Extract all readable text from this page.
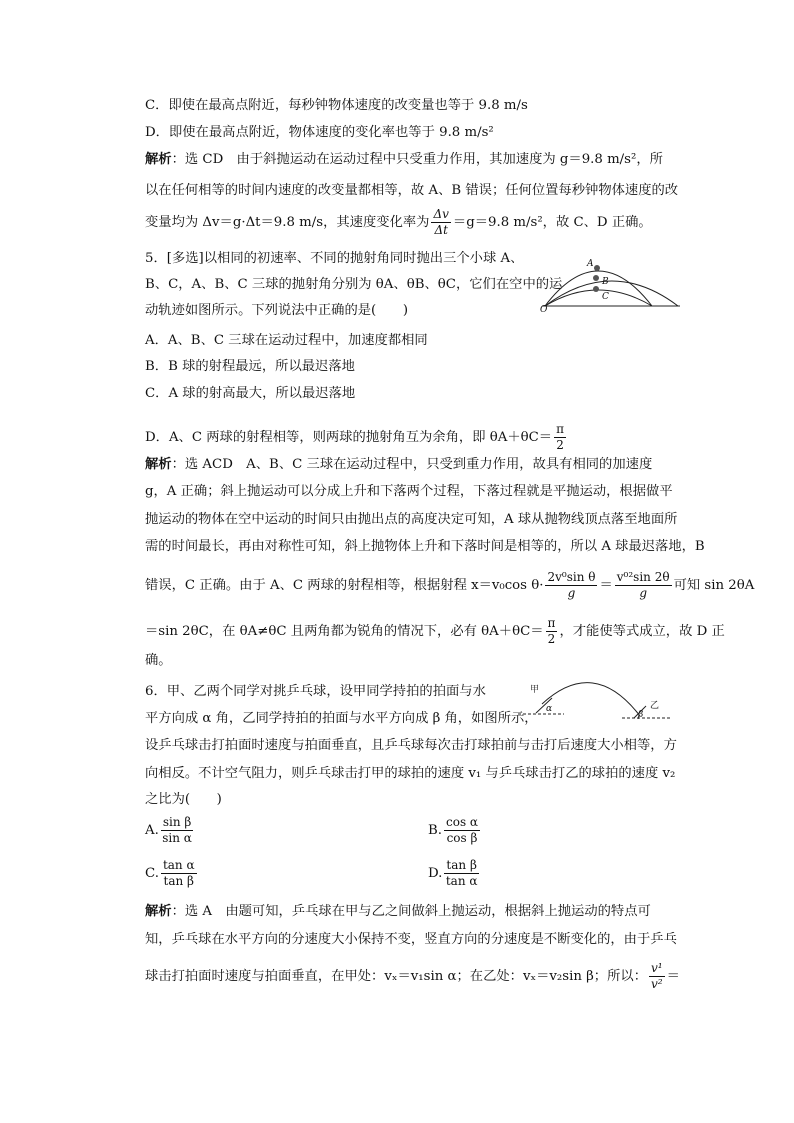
C．即使在最高点附近，每秒钟物体速度的改变量也等于 9.8 m/s
D．即使在最高点附近，物体速度的变化率也等于 9.8 m/s²
解析：选 CD　由于斜抛运动在运动过程中只受重力作用，其加速度为 g＝9.8 m/s²，所
以在任何相等的时间内速度的改变量都相等，故 A、B 错误；任何位置每秒钟物体速度的改
变量均为 Δv＝g·Δt＝9.8 m/s，其速度变化率为 $\frac{\Delta v}{\Delta t} =g=9.8$ m/s²，故 C、D 正确。
5．[多选]以相同的初速率、不同的抛射角同时抛出三个小球 A、
B、C，A、B、C 三球的抛射角分别为 θA、θB、θC，它们在空中的运
动轨迹如图所示。下列说法中正确的是(　　)
A
B
C
O
A．A、B、C 三球在运动过程中，加速度都相同
B．B 球的射程最远，所以最迟落地
C．A 球的射高最大，所以最迟落地
D．A、C 两球的射程相等，则两球的抛射角互为余角，即 $\theta A+\theta C= \frac{\pi}{2}$
解析：选 ACD　A、B、C 三球在运动过程中，只受到重力作用，故具有相同的加速度
g，A 正确；斜上抛运动可以分成上升和下落两个过程，下落过程就是平抛运动，根据做平
抛运动的物体在空中运动的时间只由抛出点的高度决定可知，A 球从抛物线顶点落至地面所
需的时间最长，再由对称性可知，斜上抛物体上升和下落时间是相等的，所以 A 球最迟落地，B
错误，C 正确。由于 A、C 两球的射程相等，根据射程 x＝v₀cos $\theta\cdot \frac{\text{2v⁰sin θ}}{g} = \frac{\text{v⁰²sin 2θ}}{g}$ 可知 sin 2θA
＝sin 2θC，在 θA≠θC 且两角都为锐角的情况下，必有 $\theta A+\theta C= \frac{\pi}{2}$ ，才能使等式成立，故 D 正
确。
6．甲、乙两个同学对挑乒乓球，设甲同学持拍的拍面与水
平方向成 α 角，乙同学持拍的拍面与水平方向成 β 角，如图所示，
甲
α
β
乙
设乒乓球击打拍面时速度与拍面垂直，且乒乓球每次击打球拍前与击打后速度大小相等，方
向相反。不计空气阻力，则乒乓球击打甲的球拍的速度 v₁ 与乒乓球击打乙的球拍的速度 v₂
之比为(　　)
A. $\frac{\text{sin β}}{\text{sin α}}$	B. $\frac{\text{cos α}}{\text{cos β}}$
C. $\frac{\text{tan α}}{\text{tan β}}$	D. $\frac{\text{tan β}}{\text{tan α}}$
解析：选 A　由题可知，乒乓球在甲与乙之间做斜上抛运动，根据斜上抛运动的特点可
知，乒乓球在水平方向的分速度大小保持不变，竖直方向的分速度是不断变化的，由于乒乓
球击打拍面时速度与拍面垂直，在甲处：vₓ＝v₁sin α；在乙处：vₓ＝v₂sin β；所以： $\frac{\text{v¹}}{\text{v²}}$ ＝
